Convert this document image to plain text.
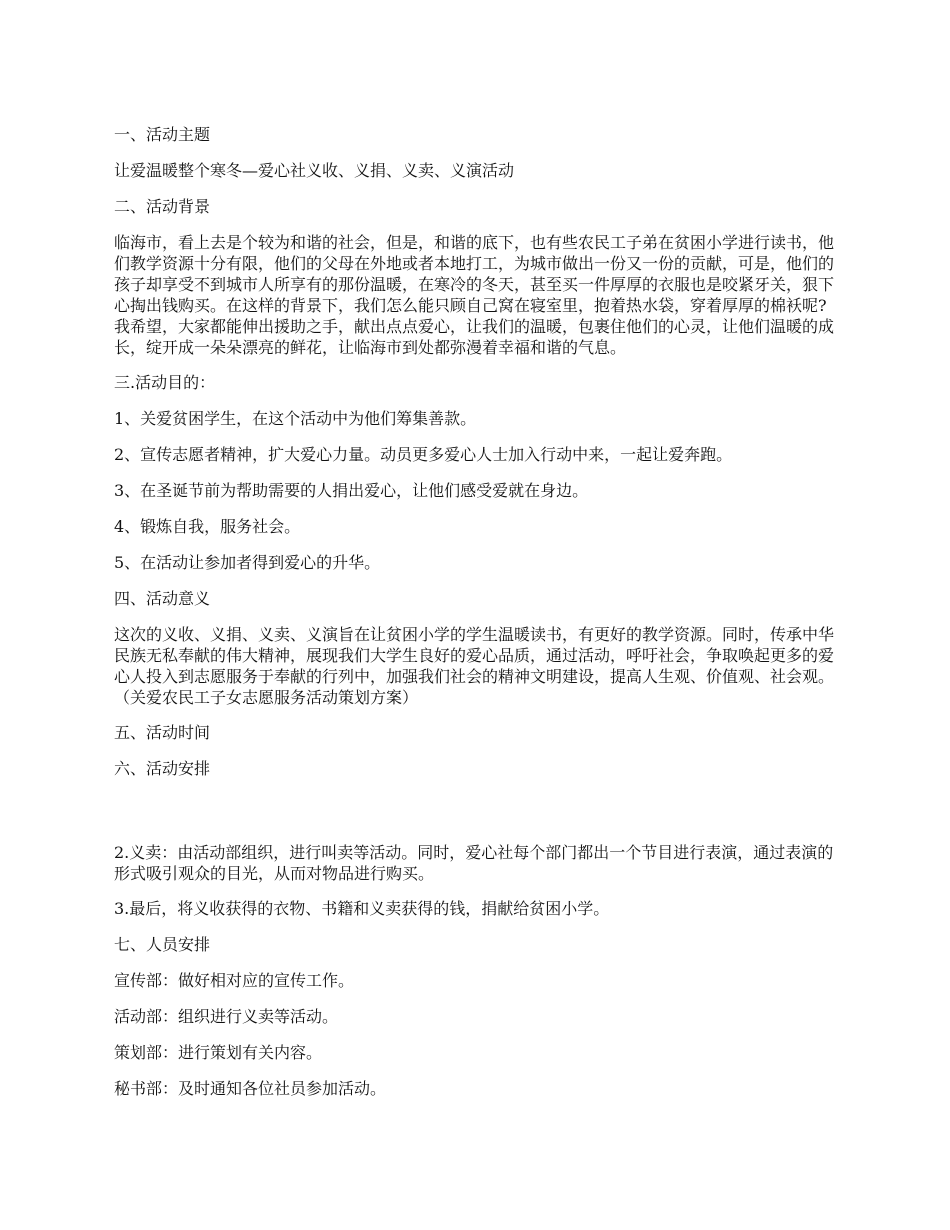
一、活动主题

让爱温暖整个寒冬—爱心社义收、义捐、义卖、义演活动

二、活动背景

临海市，看上去是个较为和谐的社会，但是，和谐的底下，也有些农民工子弟在贫困小学进行读书，他们教学资源十分有限，他们的父母在外地或者本地打工，为城市做出一份又一份的贡献，可是，他们的孩子却享受不到城市人所享有的那份温暖，在寒冷的冬天，甚至买一件厚厚的衣服也是咬紧牙关，狠下心掏出钱购买。在这样的背景下，我们怎么能只顾自己窝在寝室里，抱着热水袋，穿着厚厚的棉袄呢?我希望，大家都能伸出援助之手，献出点点爱心，让我们的温暖，包裹住他们的心灵，让他们温暖的成长，绽开成一朵朵漂亮的鲜花，让临海市到处都弥漫着幸福和谐的气息。

三.活动目的：

1、关爱贫困学生，在这个活动中为他们筹集善款。

2、宣传志愿者精神，扩大爱心力量。动员更多爱心人士加入行动中来，一起让爱奔跑。

3、在圣诞节前为帮助需要的人捐出爱心，让他们感受爱就在身边。

4、锻炼自我，服务社会。

5、在活动让参加者得到爱心的升华。

四、活动意义

这次的义收、义捐、义卖、义演旨在让贫困小学的学生温暖读书，有更好的教学资源。同时，传承中华民族无私奉献的伟大精神，展现我们大学生良好的爱心品质，通过活动，呼吁社会，争取唤起更多的爱心人投入到志愿服务于奉献的行列中，加强我们社会的精神文明建设，提高人生观、价值观、社会观。（关爱农民工子女志愿服务活动策划方案）

五、活动时间

六、活动安排

2.义卖：由活动部组织，进行叫卖等活动。同时，爱心社每个部门都出一个节目进行表演，通过表演的形式吸引观众的目光，从而对物品进行购买。

3.最后，将义收获得的衣物、书籍和义卖获得的钱，捐献给贫困小学。

七、人员安排

宣传部：做好相对应的宣传工作。

活动部：组织进行义卖等活动。

策划部：进行策划有关内容。

秘书部：及时通知各位社员参加活动。
